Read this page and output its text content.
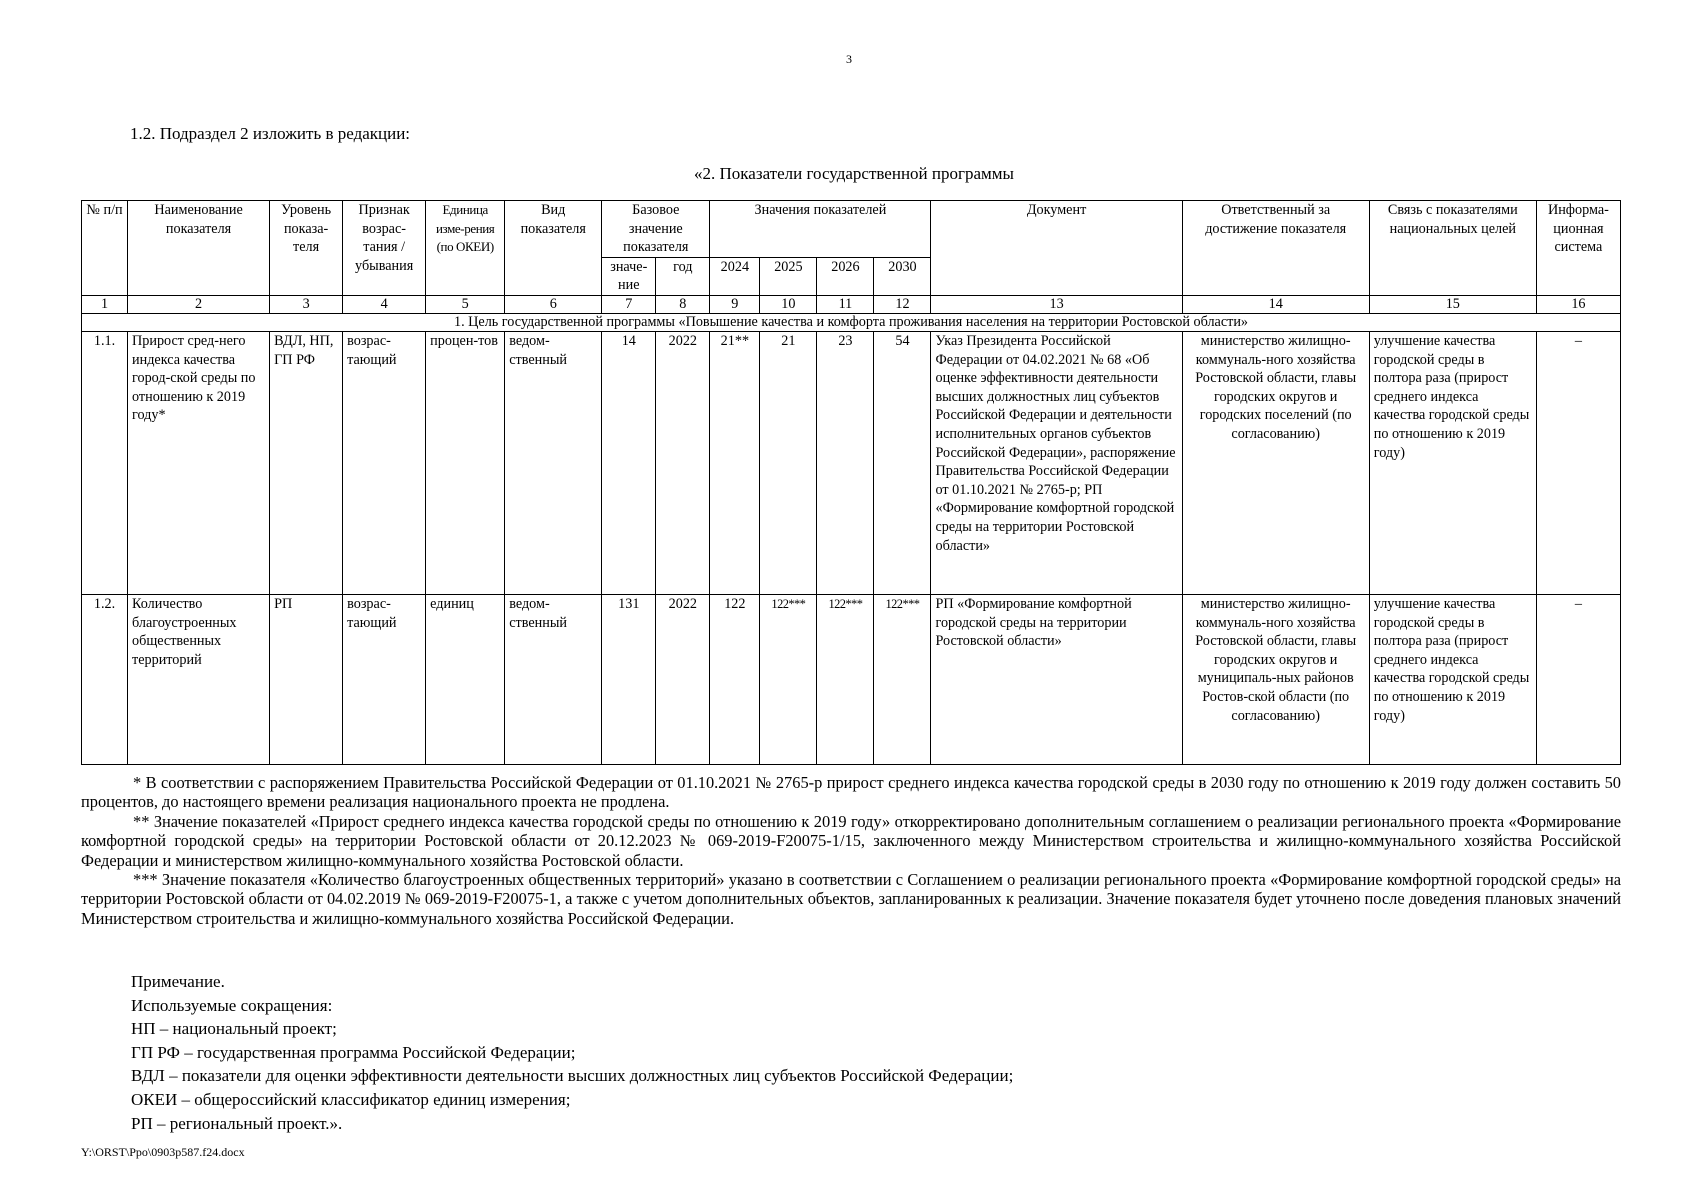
3
1.2. Подраздел 2 изложить в редакции:
«2. Показатели государственной программы
№ п/п	Наименование показателя	Уровень показа-теля	Признак возрас-тания / убывания	Единица изме-рения (по ОКЕИ)	Вид показателя	Базовое значение показателя		Значения показателей				Документ	Ответственный за достижение показателя	Связь с показателями национальных целей	Информа-ционная система
						значе-ние	год	2024	2025	2026	2030				
1	2	3	4	5	6	7	8	9	10	11	12	13	14	15	16
1. Цель государственной программы «Повышение качества и комфорта проживания населения на территории Ростовской области»															
1.1.	Прирост сред-него индекса качества город-ской среды по отношению к 2019 году*	ВДЛ, НП, ГП РФ	возрас-тающий	процен-тов	ведом-ственный	14	2022	21**	21	23	54	Указ Президента Российской Федерации от 04.02.2021 № 68 «Об оценке эффективности деятельности высших должностных лиц субъектов Российской Федерации и деятельности исполнительных органов субъектов Российской Федерации», распоряжение Правительства Российской Федерации от 01.10.2021 № 2765-р; РП «Формирование комфортной городской среды на территории Ростовской области»	министерство жилищно-коммуналь-ного хозяйства Ростовской области, главы городских округов и городских поселений (по согласованию)	улучшение качества городской среды в полтора раза (прирост среднего индекса качества городской среды по отношению к 2019 году)	–
1.2.	Количество благоустроенных общественных территорий	РП	возрас-тающий	единиц	ведом-ственный	131	2022	122	122***	122***	122***	РП «Формирование комфортной городской среды на территории Ростовской области»	министерство жилищно-коммуналь-ного хозяйства Ростовской области, главы городских округов и муниципаль-ных районов Ростов-ской области (по согласованию)	улучшение качества городской среды в полтора раза (прирост среднего индекса качества городской среды по отношению к 2019 году)	–

* В соответствии с распоряжением Правительства Российской Федерации от 01.10.2021 № 2765-р прирост среднего индекса качества городской среды в 2030 году по отношению к 2019 году должен составить 50 процентов, до настоящего времени реализация национального проекта не продлена.

** Значение показателей «Прирост среднего индекса качества городской среды по отношению к 2019 году» откорректировано дополнительным соглашением о реализации регионального проекта «Формирование комфортной городской среды» на территории Ростовской области от 20.12.2023 № 069-2019-F20075-1/15, заключенного между Министерством строительства и жилищно-коммунального хозяйства Российской Федерации и министерством жилищно-коммунального хозяйства Ростовской области.

*** Значение показателя «Количество благоустроенных общественных территорий» указано в соответствии с Соглашением о реализации регионального проекта «Формирование комфортной городской среды» на территории Ростовской области от 04.02.2019 № 069-2019-F20075-1, а также с учетом дополнительных объектов, запланированных к реализации. Значение показателя будет уточнено после доведения плановых значений Министерством строительства и жилищно-коммунального хозяйства Российской Федерации.

Примечание.
Используемые сокращения:
НП – национальный проект;
ГП РФ – государственная программа Российской Федерации;
ВДЛ – показатели для оценки эффективности деятельности высших должностных лиц субъектов Российской Федерации;
ОКЕИ – общероссийский классификатор единиц измерения;
РП – региональный проект.».
Y:\ORST\Ppo\0903p587.f24.docx
